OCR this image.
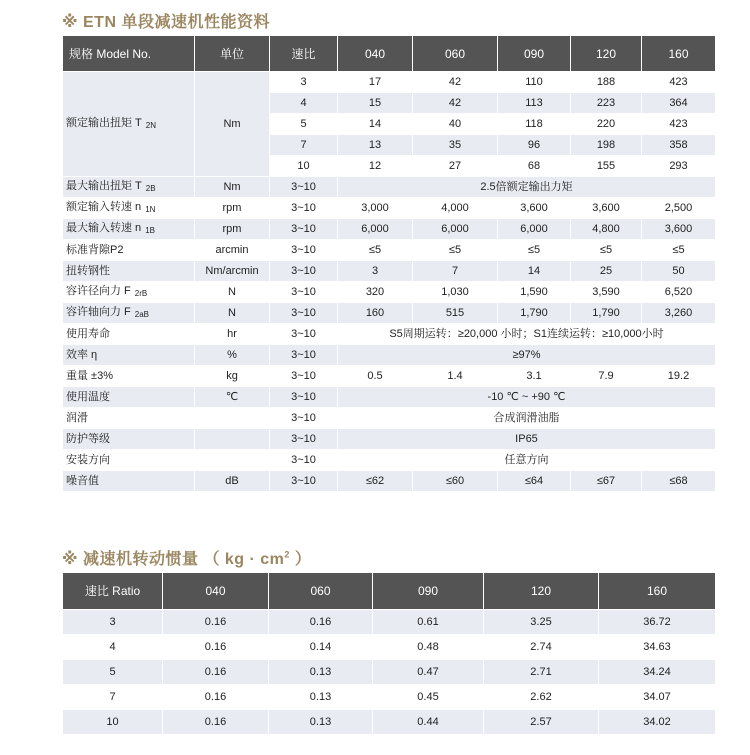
※ ETN 单段减速机性能资料
规格 Model No.	单位	速比	040	060	090	120	160
额定输出扭矩 T $_{2N}$	Nm	3	17	42	110	188	423
		4	15	42	113	223	364
		5	14	40	118	220	423
		7	13	35	96	198	358
		10	12	27	68	155	293
最大输出扭矩 T $_{2B}$	Nm	3~10	2.5倍额定输出力矩				
额定输入转速 n $_{1N}$	rpm	3~10	3,000	4,000	3,600	3,600	2,500
最大输入转速 n $_{1B}$	rpm	3~10	6,000	6,000	6,000	4,800	3,600
标准背隙P2	arcmin	3~10	≤5	≤5	≤5	≤5	≤5
扭转钢性	Nm/arcmin	3~10	3	7	14	25	50
容许径向力 F $_{2rB}$	N	3~10	320	1,030	1,590	3,590	6,520
容许轴向力 F $_{2aB}$	N	3~10	160	515	1,790	1,790	3,260
使用寿命	hr	3~10	S5周期运转：≥20,000 小时；S1连续运转：≥10,000小时				
效率 η	%	3~10	≥97%				
重量 ±3%	kg	3~10	0.5	1.4	3.1	7.9	19.2
使用温度	℃	3~10	-10 ℃ ~ +90 ℃				
润滑		3~10	合成润滑油脂				
防护等级		3~10	IP65				
安装方向		3~10	任意方向				
噪音值	dB	3~10	≤62	≤60	≤64	≤67	≤68
※ 减速机转动惯量 （ kg · $cm^2$ ）
速比 Ratio	040	060	090	120	160
3	0.16	0.16	0.61	3.25	36.72
4	0.16	0.14	0.48	2.74	34.63
5	0.16	0.13	0.47	2.71	34.24
7	0.16	0.13	0.45	2.62	34.07
10	0.16	0.13	0.44	2.57	34.02
